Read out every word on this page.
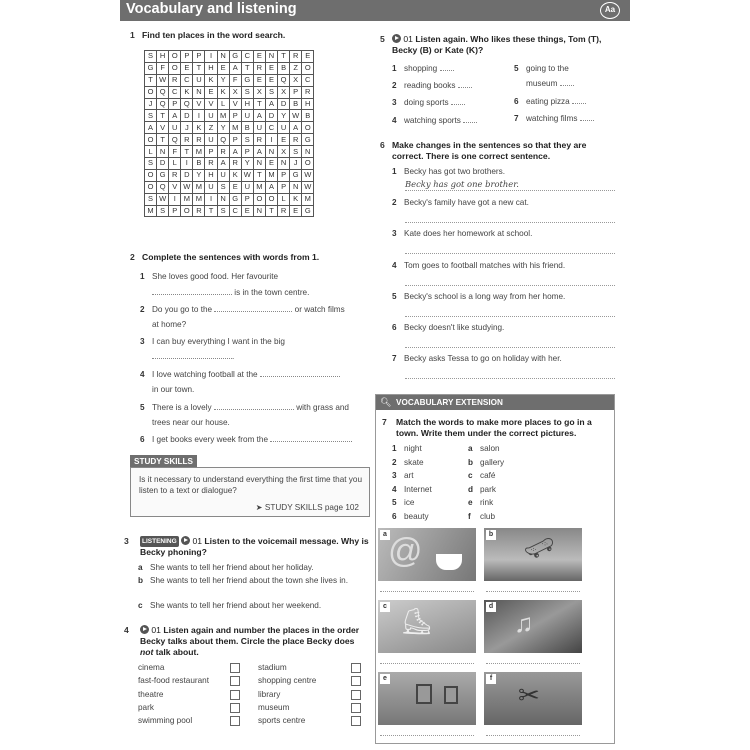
Vocabulary and listening	Aa
1 Find ten places in the word search.
S	H	O	P	P	I	N	G	C	E	N	T	R	E
G	F	O	E	T	H	E	A	T	R	E	B	Z	O
T	W	R	C	U	K	Y	F	G	E	E	Q	X	C
O	Q	C	K	N	E	K	X	S	X	S	X	P	R
J	Q	P	Q	V	V	L	V	H	T	A	D	B	H
S	T	A	D	I	U	M	P	U	A	D	Y	W	B
A	V	U	J	K	Z	Y	M	B	U	C	U	A	O
O	T	Q	R	R	U	Q	P	S	R	I	E	R	G
L	N	F	T	M	P	R	A	P	A	N	X	S	N
S	D	L	I	B	R	A	R	Y	N	E	N	J	O
O	G	R	D	Y	H	U	K	W	T	M	P	G	W
O	Q	V	W	M	U	S	E	U	M	A	P	N	W
S	W	I	M	M	I	N	G	P	O	O	L	K	M
M	S	P	O	R	T	S	C	E	N	T	R	E	G
2 Complete the sentences with words from 1.
1 She loves good food. Her favourite
is in the town centre.
2 Do you go to the	or watch films
at home?
3 I can buy everything I want in the big
.
4 I love watching football at the
in our town.
5 There is a lovely	with grass and
trees near our house.
6 I get books every week from the	.
STUDY SKILLS
Is it necessary to understand everything the first time that you listen to a text or dialogue?
➤ STUDY SKILLS page 102
3	LISTENING 01 Listen to the voicemail message. Why is Becky phoning?
a She wants to tell her friend about her holiday.
b She wants to tell her friend about the town she lives in.
c She wants to tell her friend about her weekend.
4	01 Listen again and number the places in the order Becky talks about them. Circle the place Becky does not talk about.
5	01 Listen again. Who likes these things, Tom (T), Becky (B) or Kate (K)?
1 shopping
2 reading books
3 doing sports
4 watching sports
5 going to the
museum
6 eating pizza
7 watching films
6 Make changes in the sentences so that they are correct. There is one correct sentence.
1 Becky has got two brothers.
Becky has got one brother.
2 Becky's family have got a new cat.
3 Kate does her homework at school.
4 Tom goes to football matches with his friend.
5 Becky's school is a long way from her home.
6 Becky doesn't like studying.
7 Becky asks Tessa to go on holiday with her.
VOCABULARY EXTENSION
🔍︎
7 Match the words to make more places to go in a town. Write them under the correct pictures.
a @	b
🛹︎
c ⛸︎	d
♫
e	f
✂︎
1 night	a salon
2 skate	b gallery
3 art	c café
4 Internet	d park
5 ice	e rink
6 beauty	f club
cinema
fast-food restaurant
theatre
park
swimming pool
stadium
shopping centre
library
museum
sports centre
